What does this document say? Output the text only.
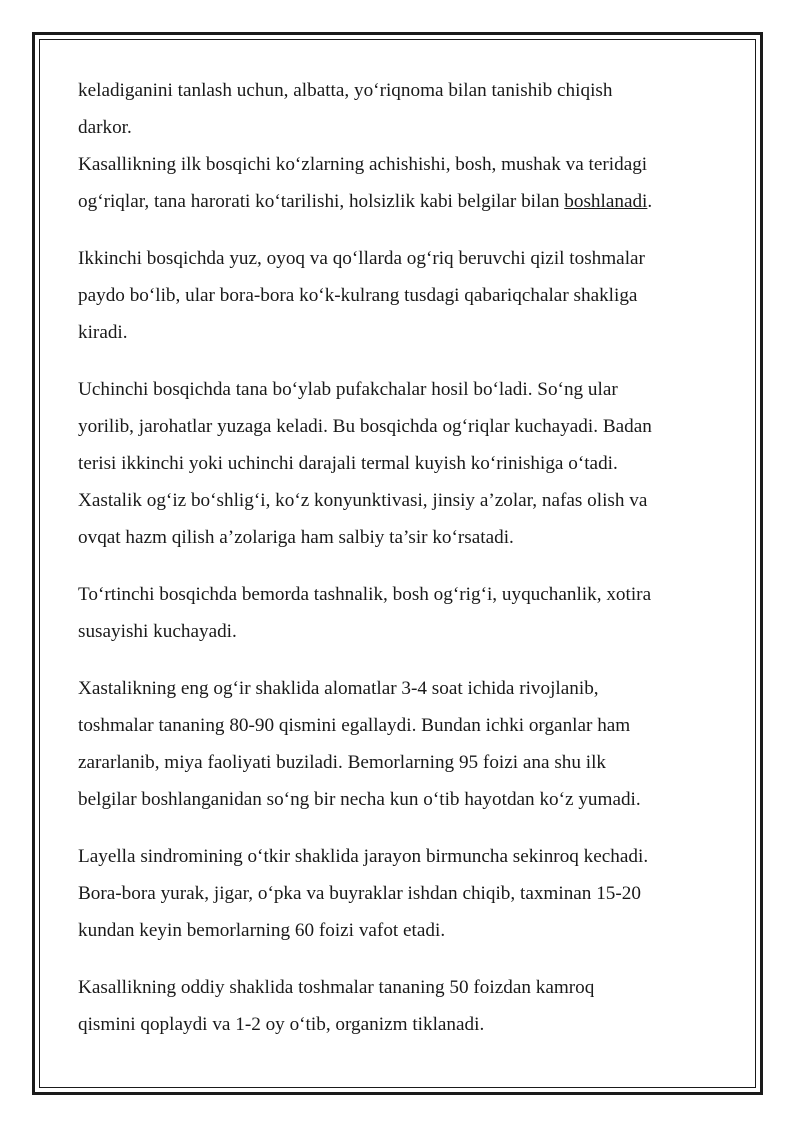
keladiganini tanlash uchun, albatta, yo‘riqnoma bilan tanishib chiqish
darkor.

Kasallikning ilk bosqichi ko‘zlarning achishishi, bosh, mushak va teridagi
og‘riqlar, tana harorati ko‘tarilishi, holsizlik kabi belgilar bilan boshlanadi.

Ikkinchi bosqichda yuz, oyoq va qo‘llarda og‘riq beruvchi qizil toshmalar
paydo bo‘lib, ular bora-bora ko‘k-kulrang tusdagi qabariqchalar shakliga
kiradi.

Uchinchi bosqichda tana bo‘ylab pufakchalar hosil bo‘ladi. So‘ng ular
yorilib, jarohatlar yuzaga keladi. Bu bosqichda og‘riqlar kuchayadi. Badan
terisi ikkinchi yoki uchinchi darajali termal kuyish ko‘rinishiga o‘tadi.
Xastalik og‘iz bo‘shlig‘i, ko‘z konyunktivasi, jinsiy a’zolar, nafas olish va
ovqat hazm qilish a’zolariga ham salbiy ta’sir ko‘rsatadi.

To‘rtinchi bosqichda bemorda tashnalik, bosh og‘rig‘i, uyquchanlik, xotira
susayishi kuchayadi.

Xastalikning eng og‘ir shaklida alomatlar 3-4 soat ichida rivojlanib,
toshmalar tananing 80-90 qismini egallaydi. Bundan ichki organlar ham
zararlanib, miya faoliyati buziladi. Bemorlarning 95 foizi ana shu ilk
belgilar boshlanganidan so‘ng bir necha kun o‘tib hayotdan ko‘z yumadi.

Layella sindromining o‘tkir shaklida jarayon birmuncha sekinroq kechadi.
Bora-bora yurak, jigar, o‘pka va buyraklar ishdan chiqib, taxminan 15-20
kundan keyin bemorlarning 60 foizi vafot etadi.

Kasallikning oddiy shaklida toshmalar tananing 50 foizdan kamroq
qismini qoplaydi va 1-2 oy o‘tib, organizm tiklanadi.
